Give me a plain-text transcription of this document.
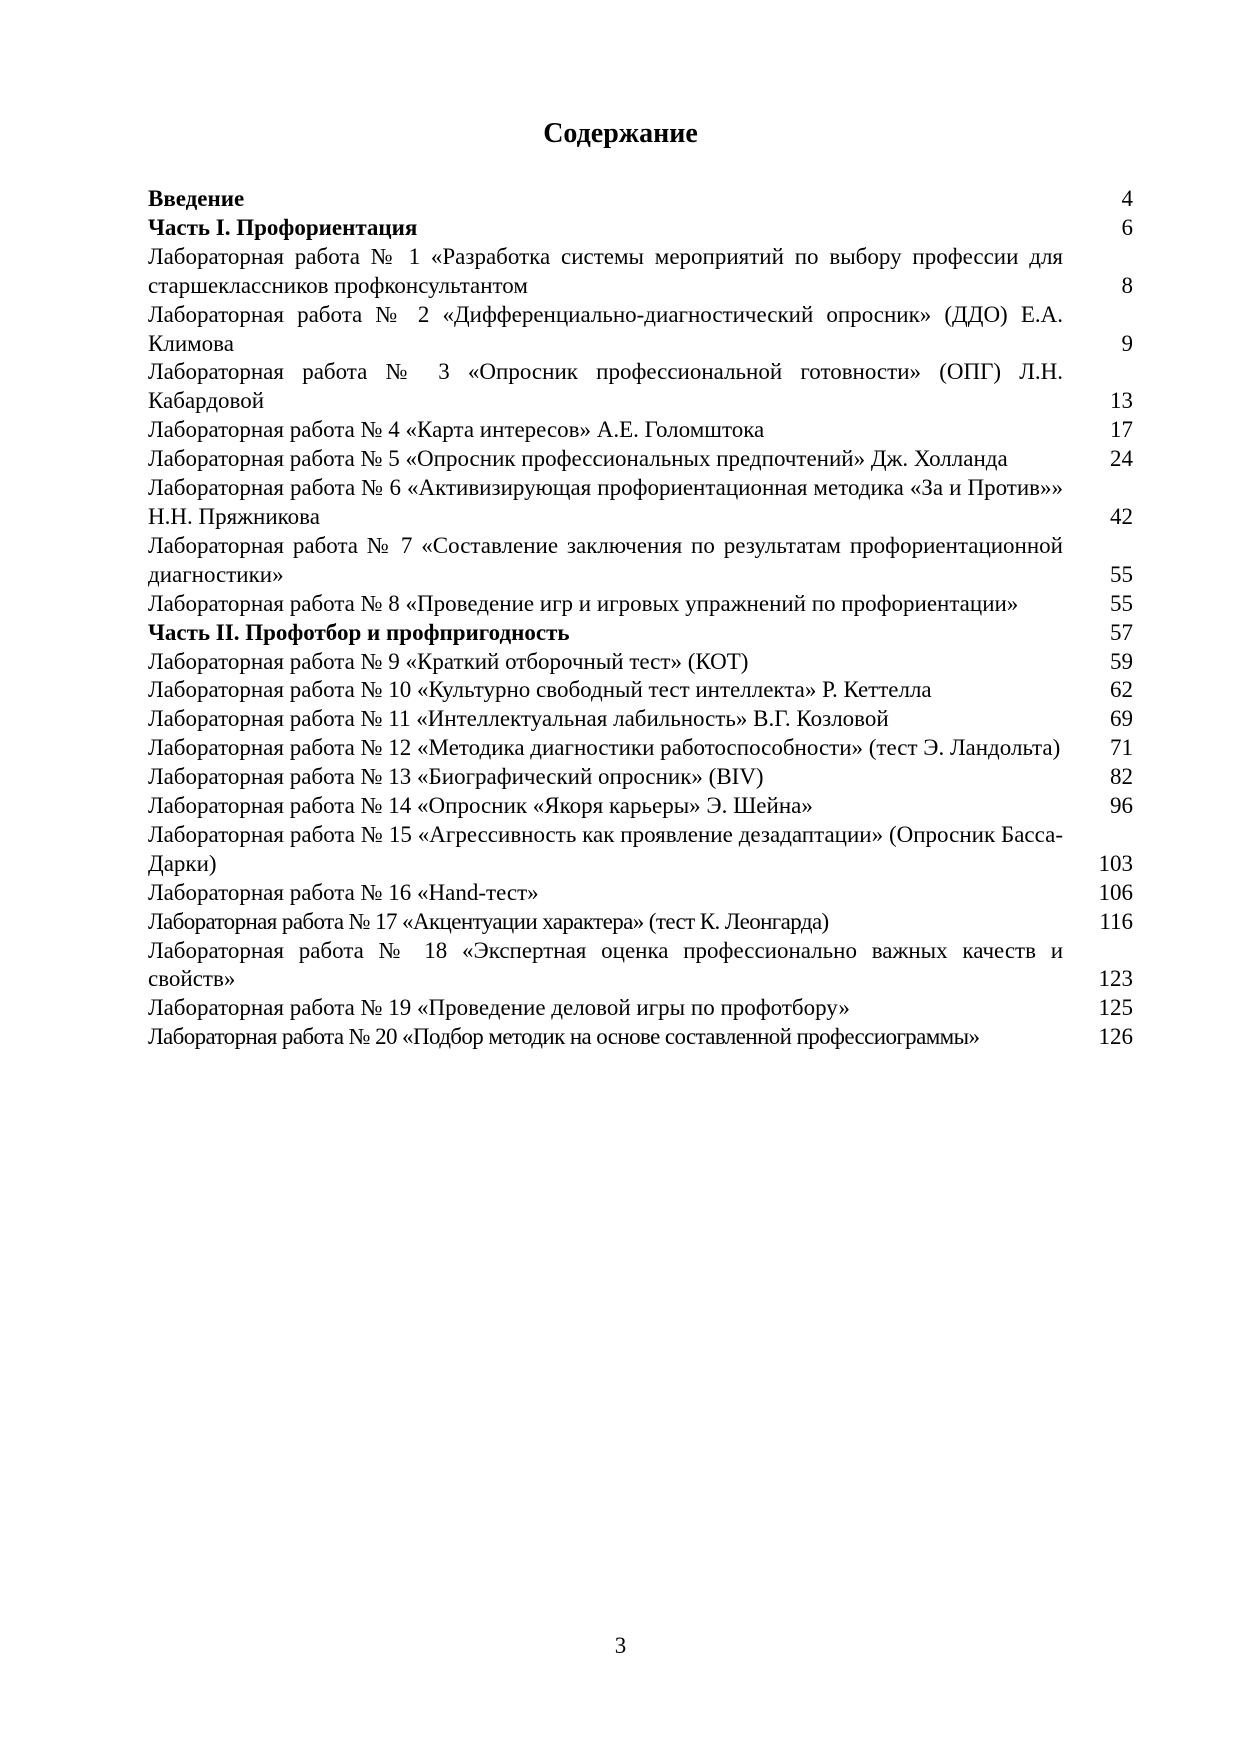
Содержание
Введение	4
Часть I. Профориентация	6
Лабораторная работа № 1 «Разработка системы мероприятий по выбору профессии для старшеклассников профконсультантом	8
Лабораторная работа № 2 «Дифференциально-диагностический опросник» (ДДО) Е.А. Климова	9
Лабораторная работа № 3 «Опросник профессиональной готовности» (ОПГ) Л.Н. Кабардовой	13
Лабораторная работа № 4 «Карта интересов» А.Е. Голомштока	17
Лабораторная работа № 5 «Опросник профессиональных предпочтений» Дж. Холланда	24
Лабораторная работа № 6 «Активизирующая профориентационная методика «За и Против»» Н.Н. Пряжникова	42
Лабораторная работа № 7 «Составление заключения по результатам профориентационной диагностики»	55
Лабораторная работа № 8 «Проведение игр и игровых упражнений по профориентации»	55
Часть II. Профотбор и профпригодность	57
Лабораторная работа № 9 «Краткий отборочный тест» (КОТ)	59
Лабораторная работа № 10 «Культурно свободный тест интеллекта» Р. Кеттелла	62
Лабораторная работа № 11 «Интеллектуальная лабильность» В.Г. Козловой	69
Лабораторная работа № 12 «Методика диагностики работоспособности» (тест Э. Ландольта)	71
Лабораторная работа № 13 «Биографический опросник» (BIV)	82
Лабораторная работа № 14 «Опросник «Якоря карьеры» Э. Шейна»	96
Лабораторная работа № 15 «Агрессивность как проявление дезадаптации» (Опросник Басса-Дарки)	103
Лабораторная работа № 16 «Hand-тест»	106
Лабораторная работа № 17 «Акцентуации характера» (тест К. Леонгарда)	116
Лабораторная работа № 18 «Экспертная оценка профессионально важных качеств и свойств»	123
Лабораторная работа № 19 «Проведение деловой игры по профотбору»	125
Лабораторная работа № 20 «Подбор методик на основе составленной профессиограммы»	126
3
